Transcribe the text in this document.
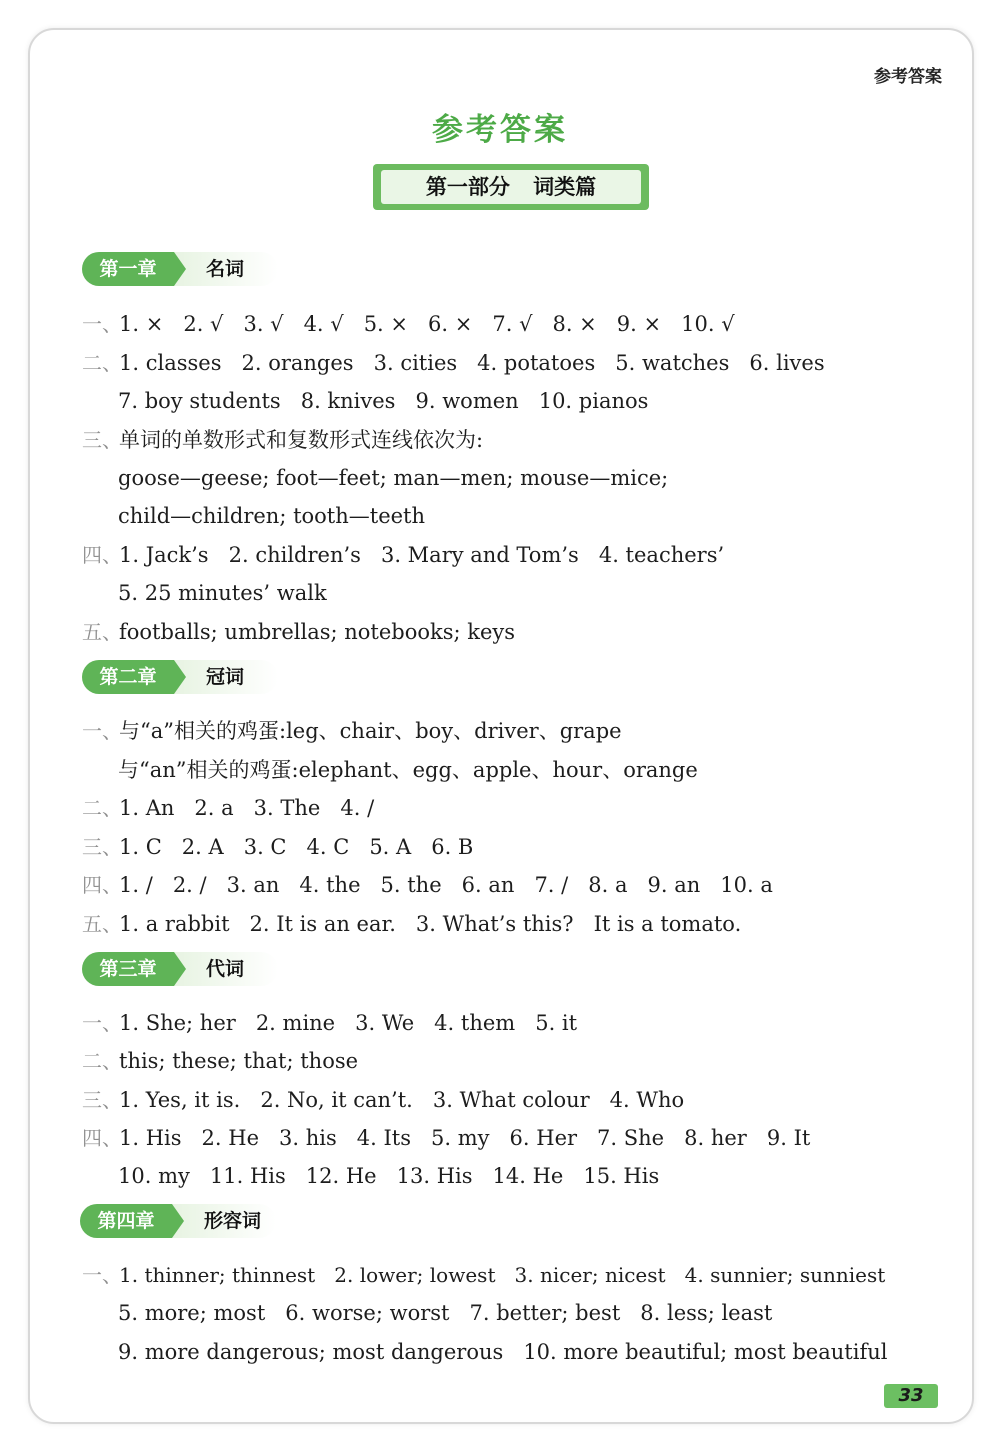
参考答案
参考答案
第一部分 词类篇
第一章	名词
一、1. ×   2. √   3. √   4. √   5. ×   6. ×   7. √   8. ×   9. ×   10. √
二、1. classes   2. oranges   3. cities   4. potatoes   5. watches   6. lives
7. boy students   8. knives   9. women   10. pianos
三、单词的单数形式和复数形式连线依次为:
goose—geese; foot—feet; man—men; mouse—mice;
child—children; tooth—teeth
四、1. Jack’s   2. children’s   3. Mary and Tom’s   4. teachers’
5. 25 minutes’ walk
五、footballs; umbrellas; notebooks; keys
第二章	冠词
一、与“a”相关的鸡蛋:leg、chair、boy、driver、grape
与“an”相关的鸡蛋:elephant、egg、apple、hour、orange
二、1. An   2. a   3. The   4. /
三、1. C   2. A   3. C   4. C   5. A   6. B
四、1. /   2. /   3. an   4. the   5. the   6. an   7. /   8. a   9. an   10. a
五、1. a rabbit   2. It is an ear.   3. What’s this?   It is a tomato.
第三章	代词
一、1. She; her   2. mine   3. We   4. them   5. it
二、this; these; that; those
三、1. Yes, it is.   2. No, it can’t.   3. What colour   4. Who
四、1. His   2. He   3. his   4. Its   5. my   6. Her   7. She   8. her   9. It
10. my   11. His   12. He   13. His   14. He   15. His
第四章	形容词
一、1. thinner; thinnest   2. lower; lowest   3. nicer; nicest   4. sunnier; sunniest
5. more; most   6. worse; worst   7. better; best   8. less; least
9. more dangerous; most dangerous   10. more beautiful; most beautiful
33
